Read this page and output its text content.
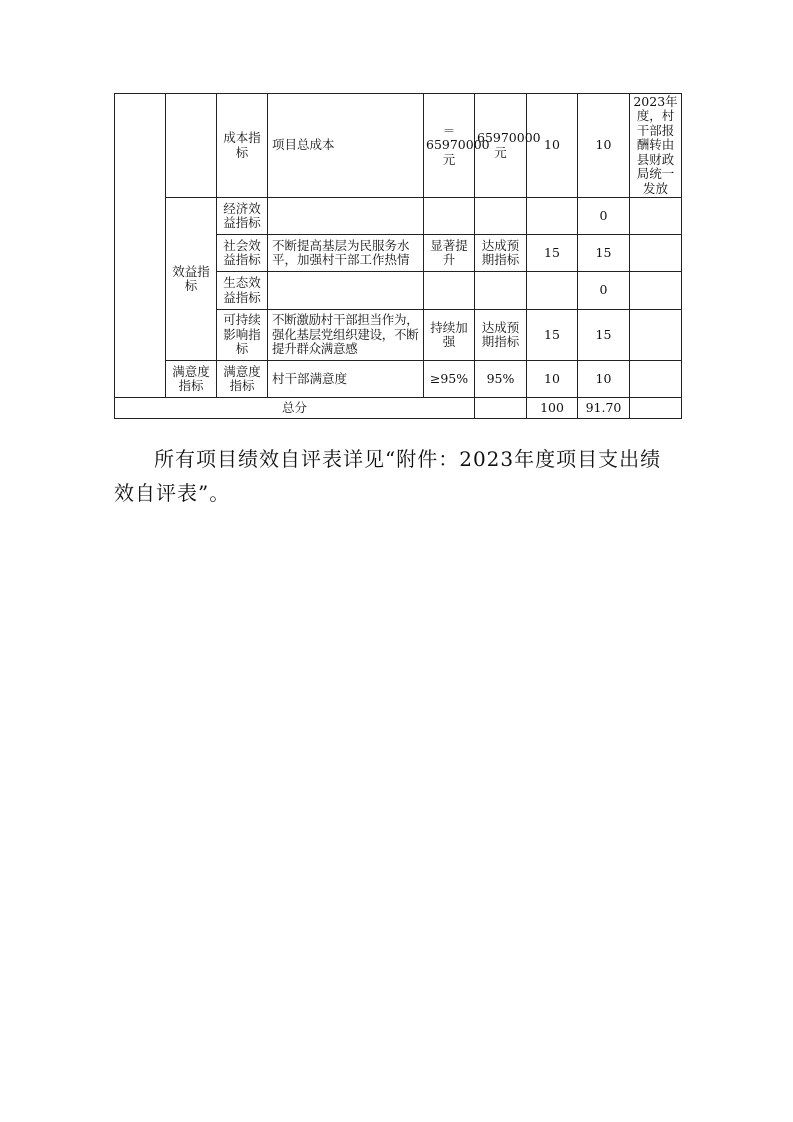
		成本指标	项目总成本	＝65970000元	65970000元	10	10	2023年度，村干部报酬转由县财政局统一发放
	效益指标	经济效益指标					0	
		社会效益指标	不断提高基层为民服务水平，加强村干部工作热情	显著提升	达成预期指标	15	15	
		生态效益指标					0	
		可持续影响指标	不断激励村干部担当作为，强化基层党组织建设，不断提升群众满意感	持续加强	达成预期指标	15	15	
	满意度指标	满意度指标	村干部满意度	≥95%	95%	10	10	
总分						100	91.70	

所有项目绩效自评表详见“附件：2023年度项目支出绩效自评表”。
